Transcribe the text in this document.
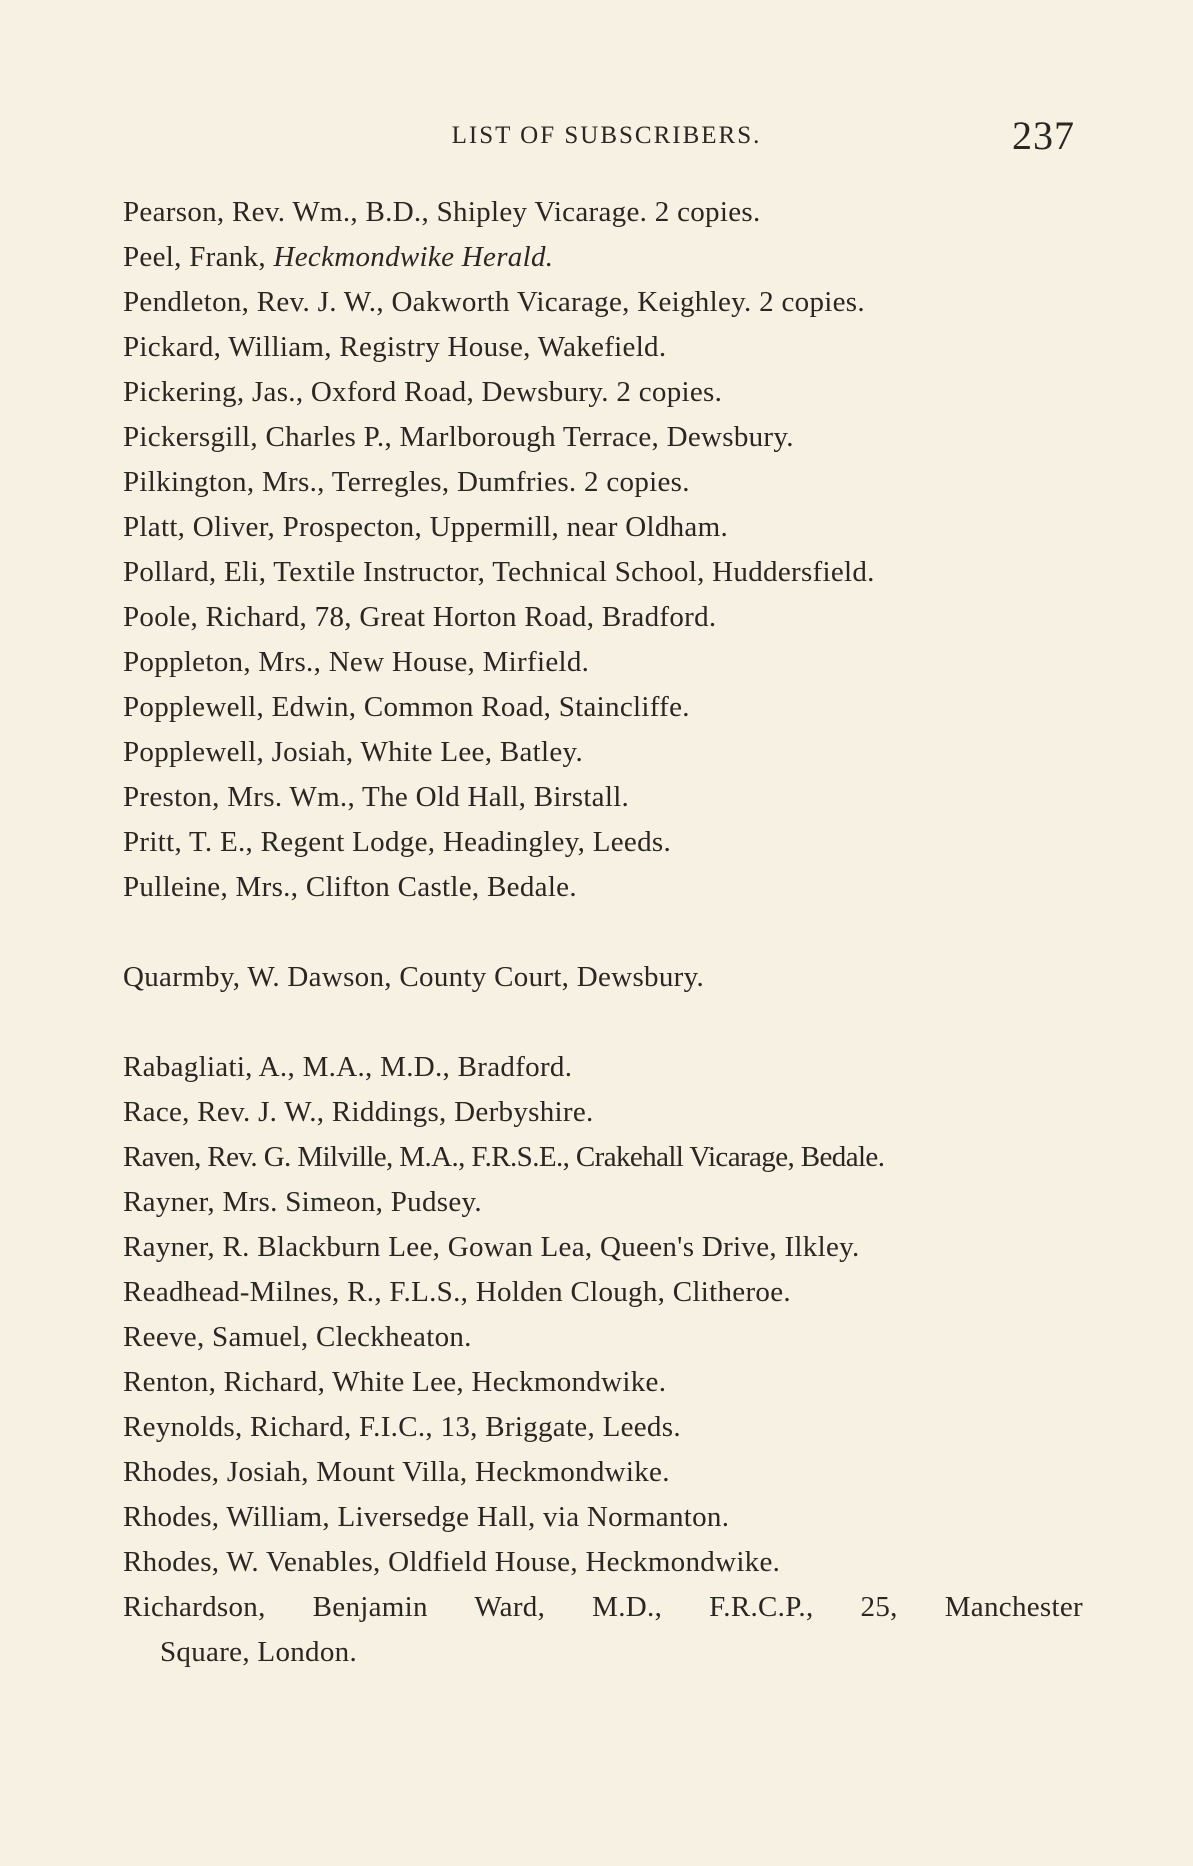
LIST OF SUBSCRIBERS.	237
Pearson, Rev. Wm., B.D., Shipley Vicarage. 2 copies.
Peel, Frank, Heckmondwike Herald.
Pendleton, Rev. J. W., Oakworth Vicarage, Keighley. 2 copies.
Pickard, William, Registry House, Wakefield.
Pickering, Jas., Oxford Road, Dewsbury. 2 copies.
Pickersgill, Charles P., Marlborough Terrace, Dewsbury.
Pilkington, Mrs., Terregles, Dumfries. 2 copies.
Platt, Oliver, Prospecton, Uppermill, near Oldham.
Pollard, Eli, Textile Instructor, Technical School, Huddersfield.
Poole, Richard, 78, Great Horton Road, Bradford.
Poppleton, Mrs., New House, Mirfield.
Popplewell, Edwin, Common Road, Staincliffe.
Popplewell, Josiah, White Lee, Batley.
Preston, Mrs. Wm., The Old Hall, Birstall.
Pritt, T. E., Regent Lodge, Headingley, Leeds.
Pulleine, Mrs., Clifton Castle, Bedale.
Quarmby, W. Dawson, County Court, Dewsbury.
Rabagliati, A., M.A., M.D., Bradford.
Race, Rev. J. W., Riddings, Derbyshire.
Raven, Rev. G. Milville, M.A., F.R.S.E., Crakehall Vicarage, Bedale.
Rayner, Mrs. Simeon, Pudsey.
Rayner, R. Blackburn Lee, Gowan Lea, Queen's Drive, Ilkley.
Readhead-Milnes, R., F.L.S., Holden Clough, Clitheroe.
Reeve, Samuel, Cleckheaton.
Renton, Richard, White Lee, Heckmondwike.
Reynolds, Richard, F.I.C., 13, Briggate, Leeds.
Rhodes, Josiah, Mount Villa, Heckmondwike.
Rhodes, William, Liversedge Hall, via Normanton.
Rhodes, W. Venables, Oldfield House, Heckmondwike.
Richardson, Benjamin Ward, M.D., F.R.C.P., 25, Manchester
Square, London.
